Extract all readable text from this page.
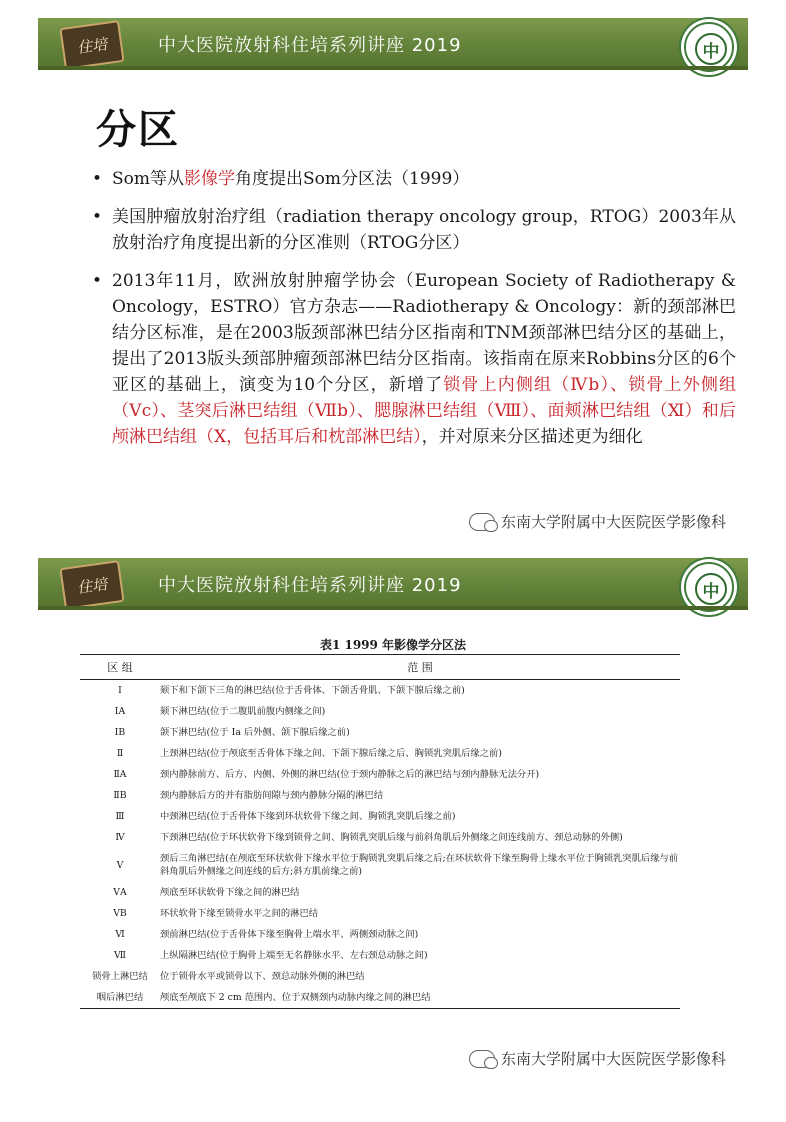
住培	中大医院放射科住培系列讲座 2019	中
分区
• Som等从影像学角度提出Som分区法（1999）
• 美国肿瘤放射治疗组（radiation therapy oncology group，RTOG）2003年从放射治疗角度提出新的分区准则（RTOG分区）
• 2013年11月，欧洲放射肿瘤学协会（European Society of Radiotherapy & Oncology，ESTRO）官方杂志——Radiotherapy & Oncology：新的颈部淋巴结分区标准，是在2003版颈部淋巴结分区指南和TNM颈部淋巴结分区的基础上，提出了2013版头颈部肿瘤颈部淋巴结分区指南。该指南在原来Robbins分区的6个亚区的基础上，演变为10个分区，新增了锁骨上内侧组（Ⅳb）、锁骨上外侧组（Ⅴc）、茎突后淋巴结组（Ⅶb）、腮腺淋巴结组（Ⅷ）、面颊淋巴结组（Ⅺ）和后颅淋巴结组（Ⅹ，包括耳后和枕部淋巴结），并对原来分区描述更为细化
东南大学附属中大医院医学影像科
住培	中大医院放射科住培系列讲座 2019	中
表1 1999 年影像学分区法
区 组	范 围
Ⅰ	颏下和下颌下三角的淋巴结(位于舌骨体、下颌舌骨肌、下颌下腺后缘之前)
ⅠA	颏下淋巴结(位于二腹肌前腹内侧缘之间)
ⅠB	颌下淋巴结(位于 Ia 后外侧、颌下腺后缘之前)
Ⅱ	上颈淋巴结(位于颅底至舌骨体下缘之间、下颌下腺后缘之后、胸锁乳突肌后缘之前)
ⅡA	颈内静脉前方、后方、内侧、外侧的淋巴结(位于颈内静脉之后的淋巴结与颈内静脉无法分开)
ⅡB	颈内静脉后方的并有脂肪间隙与颈内静脉分隔的淋巴结
Ⅲ	中颈淋巴结(位于舌骨体下缘到环状软骨下缘之间、胸锁乳突肌后缘之前)
Ⅳ	下颈淋巴结(位于环状软骨下缘到锁骨之间、胸锁乳突肌后缘与前斜角肌后外侧缘之间连线前方、颈总动脉的外侧)
Ⅴ	颈后三角淋巴结(在颅底至环状软骨下缘水平位于胸锁乳突肌后缘之后;在环状软骨下缘至胸骨上缘水平位于胸锁乳突肌后缘与前斜角肌后外侧缘之间连线的后方;斜方肌前缘之前)
ⅤA	颅底至环状软骨下缘之间的淋巴结
ⅤB	环状软骨下缘至锁骨水平之间的淋巴结
Ⅵ	颈前淋巴结(位于舌骨体下缘至胸骨上端水平、两侧颈动脉之间)
Ⅶ	上纵隔淋巴结(位于胸骨上端至无名静脉水平、左右颈总动脉之间)
锁骨上淋巴结	位于锁骨水平或锁骨以下、颈总动脉外侧的淋巴结
咽后淋巴结	颅底至颅底下 2 cm 范围内、位于双侧颈内动脉内缘之间的淋巴结
东南大学附属中大医院医学影像科
